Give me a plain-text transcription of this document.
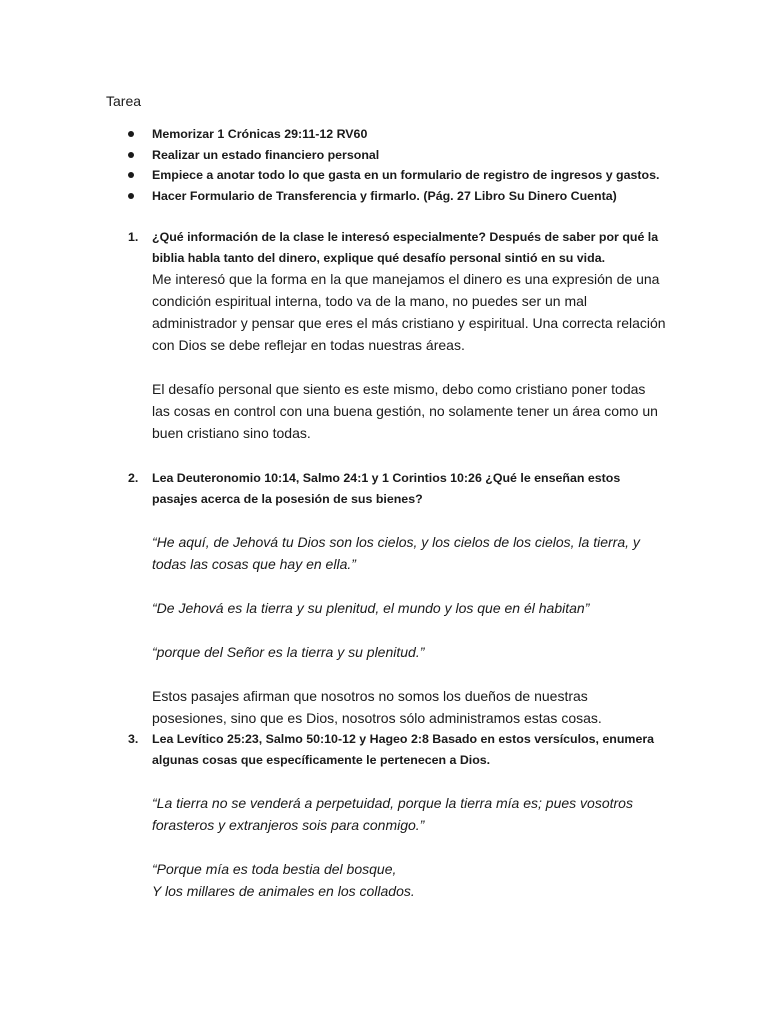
Tarea
Memorizar 1 Crónicas 29:11-12 RV60
Realizar un estado financiero personal
Empiece a anotar todo lo que gasta en un formulario de registro de ingresos y gastos.
Hacer Formulario de Transferencia y firmarlo. (Pág. 27 Libro Su Dinero Cuenta)
1. ¿Qué información de la clase le interesó especialmente? Después de saber por qué la biblia habla tanto del dinero, explique qué desafío personal sintió en su vida.

Me interesó que la forma en la que manejamos el dinero es una expresión de una condición espiritual interna, todo va de la mano, no puedes ser un mal administrador y pensar que eres el más cristiano y espiritual. Una correcta relación con Dios se debe reflejar en todas nuestras áreas.

El desafío personal que siento es este mismo, debo como cristiano poner todas las cosas en control con una buena gestión, no solamente tener un área como un buen cristiano sino todas.

2. Lea Deuteronomio 10:14, Salmo 24:1 y 1 Corintios 10:26 ¿Qué le enseñan estos pasajes acerca de la posesión de sus bienes?

“He aquí, de Jehová tu Dios son los cielos, y los cielos de los cielos, la tierra, y todas las cosas que hay en ella.”

“De Jehová es la tierra y su plenitud, el mundo y los que en él habitan”

“porque del Señor es la tierra y su plenitud.”

Estos pasajes afirman que nosotros no somos los dueños de nuestras posesiones, sino que es Dios, nosotros sólo administramos estas cosas.

3. Lea Levítico 25:23, Salmo 50:10-12 y Hageo 2:8 Basado en estos versículos, enumera algunas cosas que específicamente le pertenecen a Dios.

“La tierra no se venderá a perpetuidad, porque la tierra mía es; pues vosotros forasteros y extranjeros sois para conmigo.”

“Porque mía es toda bestia del bosque,

Y los millares de animales en los collados.
